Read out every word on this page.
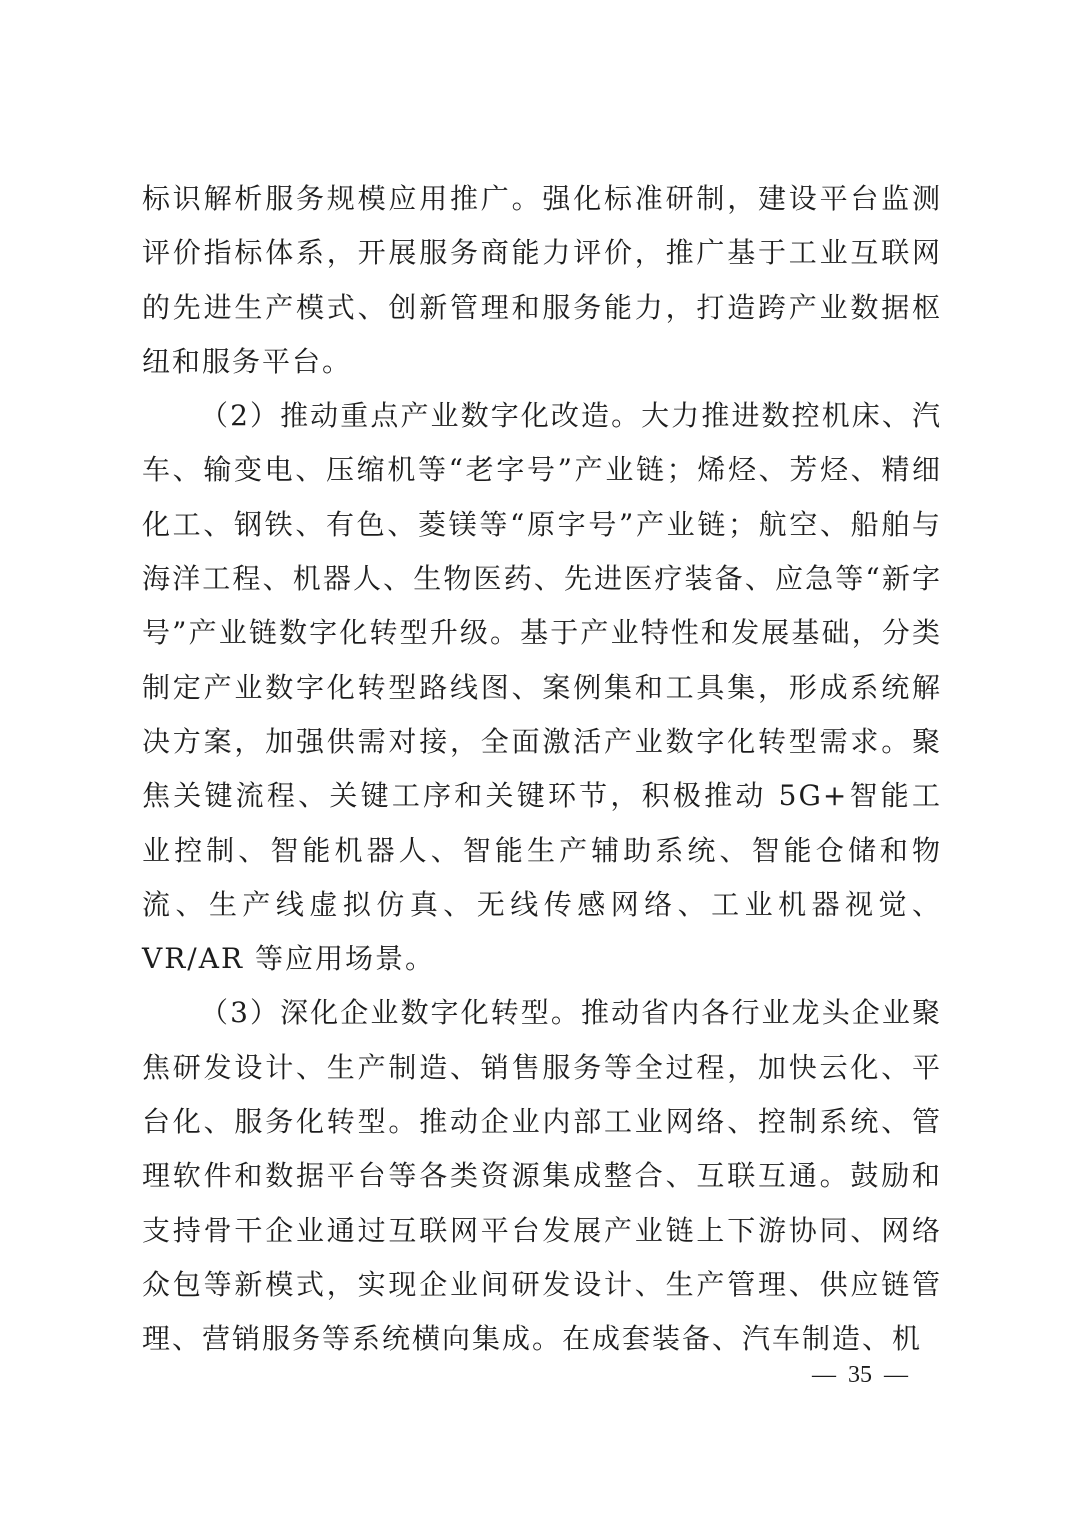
标识解析服务规模应用推广。强化标准研制，建设平台监测评价指标体系，开展服务商能力评价，推广基于工业互联网的先进生产模式、创新管理和服务能力，打造跨产业数据枢纽和服务平台。

（2）推动重点产业数字化改造。大力推进数控机床、汽车、输变电、压缩机等“老字号”产业链；烯烃、芳烃、精细化工、钢铁、有色、菱镁等“原字号”产业链；航空、船舶与海洋工程、机器人、生物医药、先进医疗装备、应急等“新字号”产业链数字化转型升级。基于产业特性和发展基础，分类制定产业数字化转型路线图、案例集和工具集，形成系统解决方案，加强供需对接，全面激活产业数字化转型需求。聚焦关键流程、关键工序和关键环节，积极推动 5G+智能工业控制、智能机器人、智能生产辅助系统、智能仓储和物流、生产线虚拟仿真、无线传感网络、工业机器视觉、VR/AR 等应用场景。

（3）深化企业数字化转型。推动省内各行业龙头企业聚焦研发设计、生产制造、销售服务等全过程，加快云化、平台化、服务化转型。推动企业内部工业网络、控制系统、管理软件和数据平台等各类资源集成整合、互联互通。鼓励和支持骨干企业通过互联网平台发展产业链上下游协同、网络众包等新模式，实现企业间研发设计、生产管理、供应链管理、营销服务等系统横向集成。在成套装备、汽车制造、机

—  35  —
